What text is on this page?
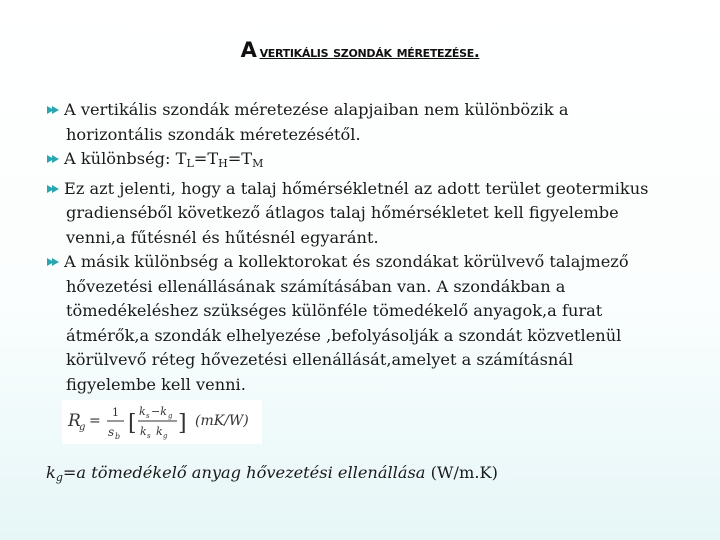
A vertikális szondák méretezése.
A vertikális szondák méretezése alapjaiban nem különbözik a
horizontális szondák méretezésétől.
A különbség: $T_L=T_H=T_M$
Ez azt jelenti, hogy a talaj hőmérsékletnél az adott terület geotermikus
gradienséből következő átlagos talaj hőmérsékletet kell figyelembe
venni,a fűtésnél és hűtésnél egyaránt.
A másik különbség a kollektorokat és szondákat körülvevő talajmező
hővezetési ellenállásának számításában van. A szondákban a
tömedékeléshez szükséges különféle tömedékelő anyagok,a furat
átmérők,a szondák elhelyezése ,befolyásolják a szondát közvetlenül
körülvevő réteg hővezetési ellenállását,amelyet a számításnál
figyelembe kell venni.
R
g =
1
s b
[ k s −k g
k s k g ] (mK/W)
$k_g=a$ tömedékelő anyag hővezetési ellenállása (W/m.K)
